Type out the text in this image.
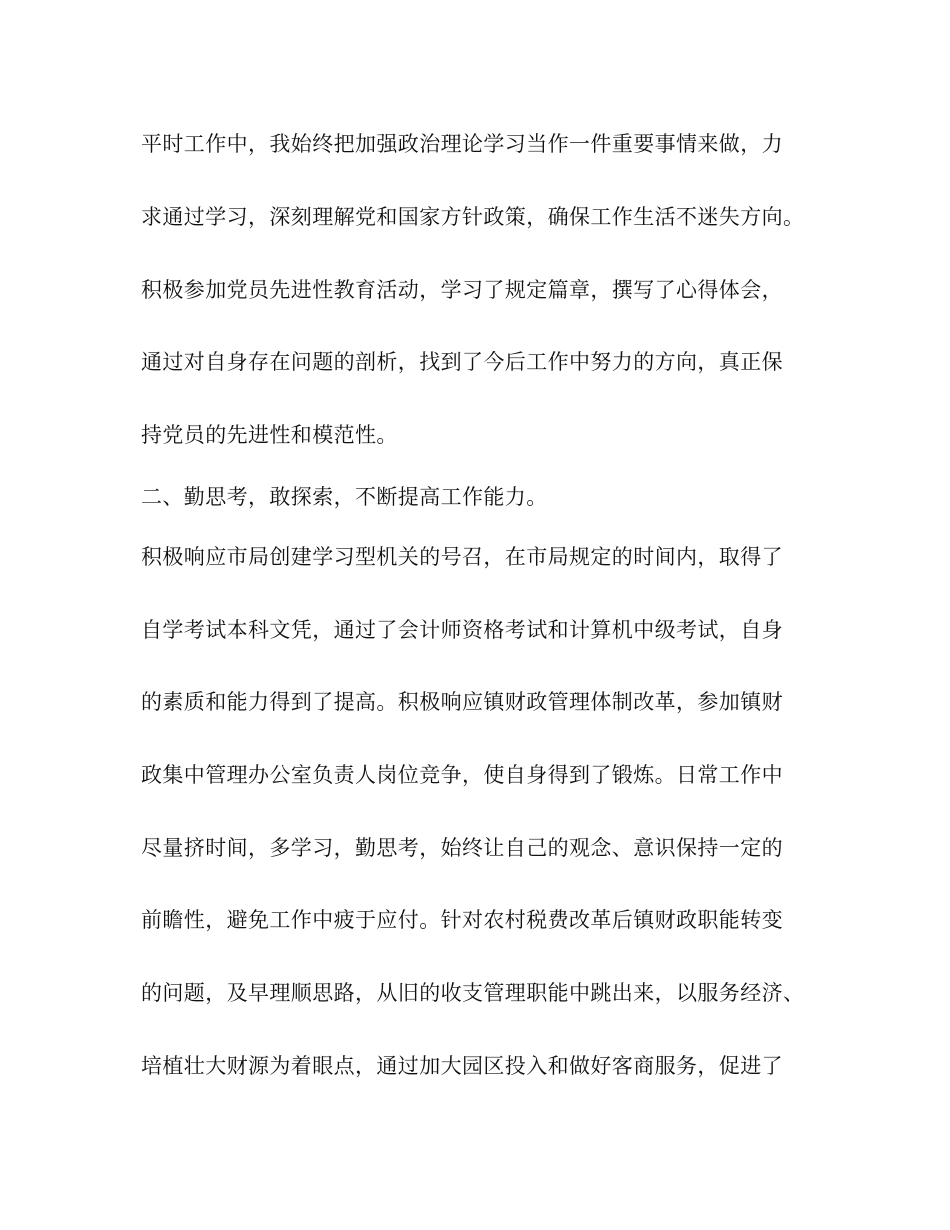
平时工作中，我始终把加强政治理论学习当作一件重要事情来做，力
求通过学习，深刻理解党和国家方针政策，确保工作生活不迷失方向。
积极参加党员先进性教育活动，学习了规定篇章，撰写了心得体会，
通过对自身存在问题的剖析，找到了今后工作中努力的方向，真正保
持党员的先进性和模范性。
二、勤思考，敢探索，不断提高工作能力。
积极响应市局创建学习型机关的号召，在市局规定的时间内，取得了
自学考试本科文凭，通过了会计师资格考试和计算机中级考试，自身
的素质和能力得到了提高。积极响应镇财政管理体制改革，参加镇财
政集中管理办公室负责人岗位竞争，使自身得到了锻炼。日常工作中
尽量挤时间，多学习，勤思考，始终让自己的观念、意识保持一定的
前瞻性，避免工作中疲于应付。针对农村税费改革后镇财政职能转变
的问题，及早理顺思路，从旧的收支管理职能中跳出来，以服务经济、
培植壮大财源为着眼点，通过加大园区投入和做好客商服务，促进了
